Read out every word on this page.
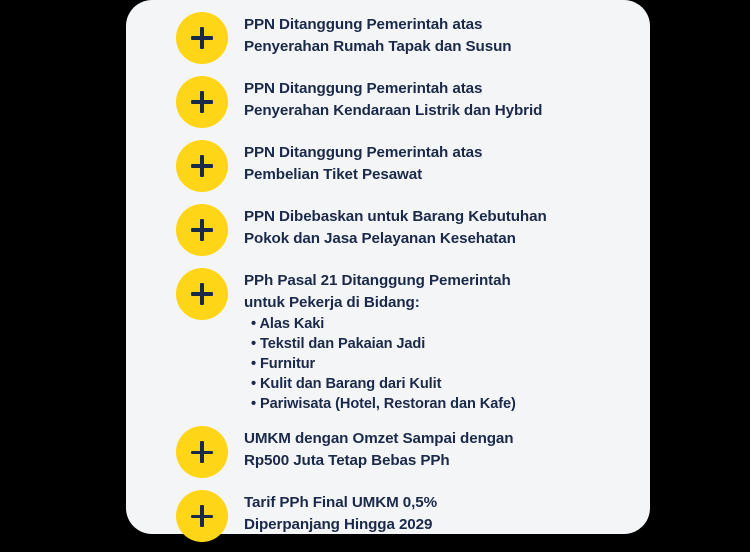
PPN Ditanggung Pemerintah atas
Penyerahan Rumah Tapak dan Susun
PPN Ditanggung Pemerintah atas
Penyerahan Kendaraan Listrik dan Hybrid
PPN Ditanggung Pemerintah atas
Pembelian Tiket Pesawat
PPN Dibebaskan untuk Barang Kebutuhan
Pokok dan Jasa Pelayanan Kesehatan
PPh Pasal 21 Ditanggung Pemerintah
untuk Pekerja di Bidang:
• Alas Kaki
• Tekstil dan Pakaian Jadi
• Furnitur
• Kulit dan Barang dari Kulit
• Pariwisata (Hotel, Restoran dan Kafe)
UMKM dengan Omzet Sampai dengan
Rp500 Juta Tetap Bebas PPh
Tarif PPh Final UMKM 0,5%
Diperpanjang Hingga 2029
